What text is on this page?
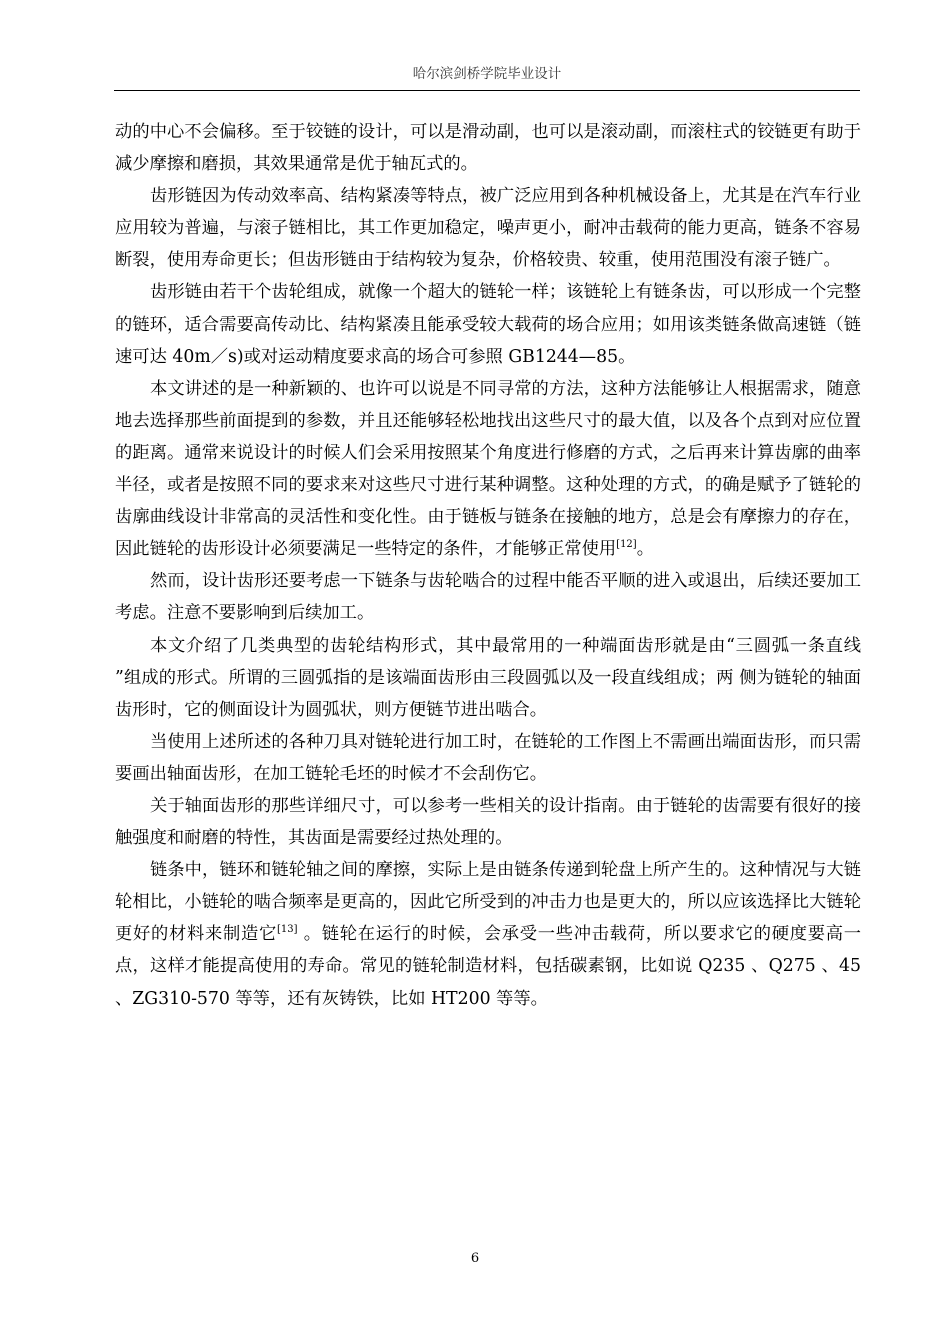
哈尔滨剑桥学院毕业设计

动的中心不会偏移。至于铰链的设计，可以是滑动副，也可以是滚动副，而滚柱式的铰链更有助于减少摩擦和磨损，其效果通常是优于轴瓦式的。

齿形链因为传动效率高、结构紧凑等特点，被广泛应用到各种机械设备上，尤其是在汽车行业应用较为普遍，与滚子链相比，其工作更加稳定，噪声更小，耐冲击载荷的能力更高，链条不容易断裂，使用寿命更长；但齿形链由于结构较为复杂，价格较贵、较重，使用范围没有滚子链广。

齿形链由若干个齿轮组成，就像一个超大的链轮一样；该链轮上有链条齿，可以形成一个完整的链环，适合需要高传动比、结构紧凑且能承受较大载荷的场合应用；如用该类链条做高速链（链速可达 40m／s)或对运动精度要求高的场合可参照 GB1244—85。

本文讲述的是一种新颖的、也许可以说是不同寻常的方法，这种方法能够让人根据需求，随意地去选择那些前面提到的参数，并且还能够轻松地找出这些尺寸的最大值，以及各个点到对应位置的距离。通常来说设计的时候人们会采用按照某个角度进行修磨的方式，之后再来计算齿廓的曲率半径，或者是按照不同的要求来对这些尺寸进行某种调整。这种处理的方式，的确是赋予了链轮的齿廓曲线设计非常高的灵活性和变化性。由于链板与链条在接触的地方，总是会有摩擦力的存在，因此链轮的齿形设计必须要满足一些特定的条件，才能够正常使用[12]。

然而，设计齿形还要考虑一下链条与齿轮啮合的过程中能否平顺的进入或退出，后续还要加工考虑。注意不要影响到后续加工。

本文介绍了几类典型的齿轮结构形式，其中最常用的一种端面齿形就是由“三圆弧一条直线 ”组成的形式。所谓的三圆弧指的是该端面齿形由三段圆弧以及一段直线组成；两 侧为链轮的轴面齿形时，它的侧面设计为圆弧状，则方便链节进出啮合。

当使用上述所述的各种刀具对链轮进行加工时，在链轮的工作图上不需画出端面齿形，而只需要画出轴面齿形，在加工链轮毛坯的时候才不会刮伤它。

关于轴面齿形的那些详细尺寸，可以参考一些相关的设计指南。由于链轮的齿需要有很好的接触强度和耐磨的特性，其齿面是需要经过热处理的。

链条中，链环和链轮轴之间的摩擦，实际上是由链条传递到轮盘上所产生的。这种情况与大链轮相比，小链轮的啮合频率是更高的，因此它所受到的冲击力也是更大的，所以应该选择比大链轮更好的材料来制造它[13] 。链轮在运行的时候，会承受一些冲击载荷，所以要求它的硬度要高一点，这样才能提高使用的寿命。常见的链轮制造材料，包括碳素钢，比如说 Q235 、Q275 、45 、ZG310-570 等等，还有灰铸铁，比如 HT200 等等。

6
